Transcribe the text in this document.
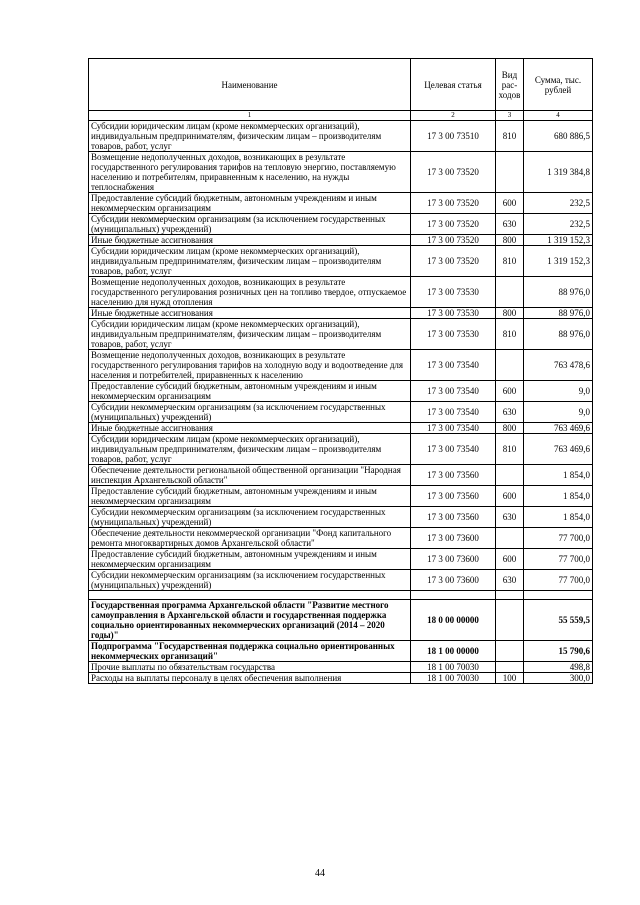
Наименование	Целевая статья	Вид рас-ходов	Сумма, тыс. рублей
1	2	3	4
Субсидии юридическим лицам (кроме некоммерческих организаций), индивидуальным предпринимателям, физическим лицам – производителям товаров, работ, услуг	17 3 00 73510	810	680 886,5
Возмещение недополученных доходов, возникающих в результате государственного регулирования тарифов на тепловую энергию, поставляемую населению и потребителям, приравненным к населению, на нужды теплоснабжения	17 3 00 73520		1 319 384,8
Предоставление субсидий бюджетным, автономным учреждениям и иным некоммерческим организациям	17 3 00 73520	600	232,5
Субсидии некоммерческим организациям (за исключением государственных (муниципальных) учреждений)	17 3 00 73520	630	232,5
Иные бюджетные ассигнования	17 3 00 73520	800	1 319 152,3
Субсидии юридическим лицам (кроме некоммерческих организаций), индивидуальным предпринимателям, физическим лицам – производителям товаров, работ, услуг	17 3 00 73520	810	1 319 152,3
Возмещение недополученных доходов, возникающих в результате государственного регулирования розничных цен на топливо твердое, отпускаемое населению для нужд отопления	17 3 00 73530		88 976,0
Иные бюджетные ассигнования	17 3 00 73530	800	88 976,0
Субсидии юридическим лицам (кроме некоммерческих организаций), индивидуальным предпринимателям, физическим лицам – производителям товаров, работ, услуг	17 3 00 73530	810	88 976,0
Возмещение недополученных доходов, возникающих в результате государственного регулирования тарифов на холодную воду и водоотведение для населения и потребителей, приравненных к населению	17 3 00 73540		763 478,6
Предоставление субсидий бюджетным, автономным учреждениям и иным некоммерческим организациям	17 3 00 73540	600	9,0
Субсидии некоммерческим организациям (за исключением государственных (муниципальных) учреждений)	17 3 00 73540	630	9,0
Иные бюджетные ассигнования	17 3 00 73540	800	763 469,6
Субсидии юридическим лицам (кроме некоммерческих организаций), индивидуальным предпринимателям, физическим лицам – производителям товаров, работ, услуг	17 3 00 73540	810	763 469,6
Обеспечение деятельности региональной общественной организации "Народная инспекция Архангельской области"	17 3 00 73560		1 854,0
Предоставление субсидий бюджетным, автономным учреждениям и иным некоммерческим организациям	17 3 00 73560	600	1 854,0
Субсидии некоммерческим организациям (за исключением государственных (муниципальных) учреждений)	17 3 00 73560	630	1 854,0
Обеспечение деятельности некоммерческой организации "Фонд капитального ремонта многоквартирных домов Архангельской области"	17 3 00 73600		77 700,0
Предоставление субсидий бюджетным, автономным учреждениям и иным некоммерческим организациям	17 3 00 73600	600	77 700,0
Субсидии некоммерческим организациям (за исключением государственных (муниципальных) учреждений)	17 3 00 73600	630	77 700,0

Государственная программа Архангельской области "Развитие местного самоуправления в Архангельской области и государственная поддержка социально ориентированных некоммерческих организаций (2014 – 2020 годы)"	18 0 00 00000		55 559,5
Подпрограмма "Государственная поддержка социально ориентированных некоммерческих организаций"	18 1 00 00000		15 790,6
Прочие выплаты по обязательствам государства	18 1 00 70030		498,8
Расходы на выплаты персоналу в целях обеспечения выполнения	18 1 00 70030	100	300,0
44
